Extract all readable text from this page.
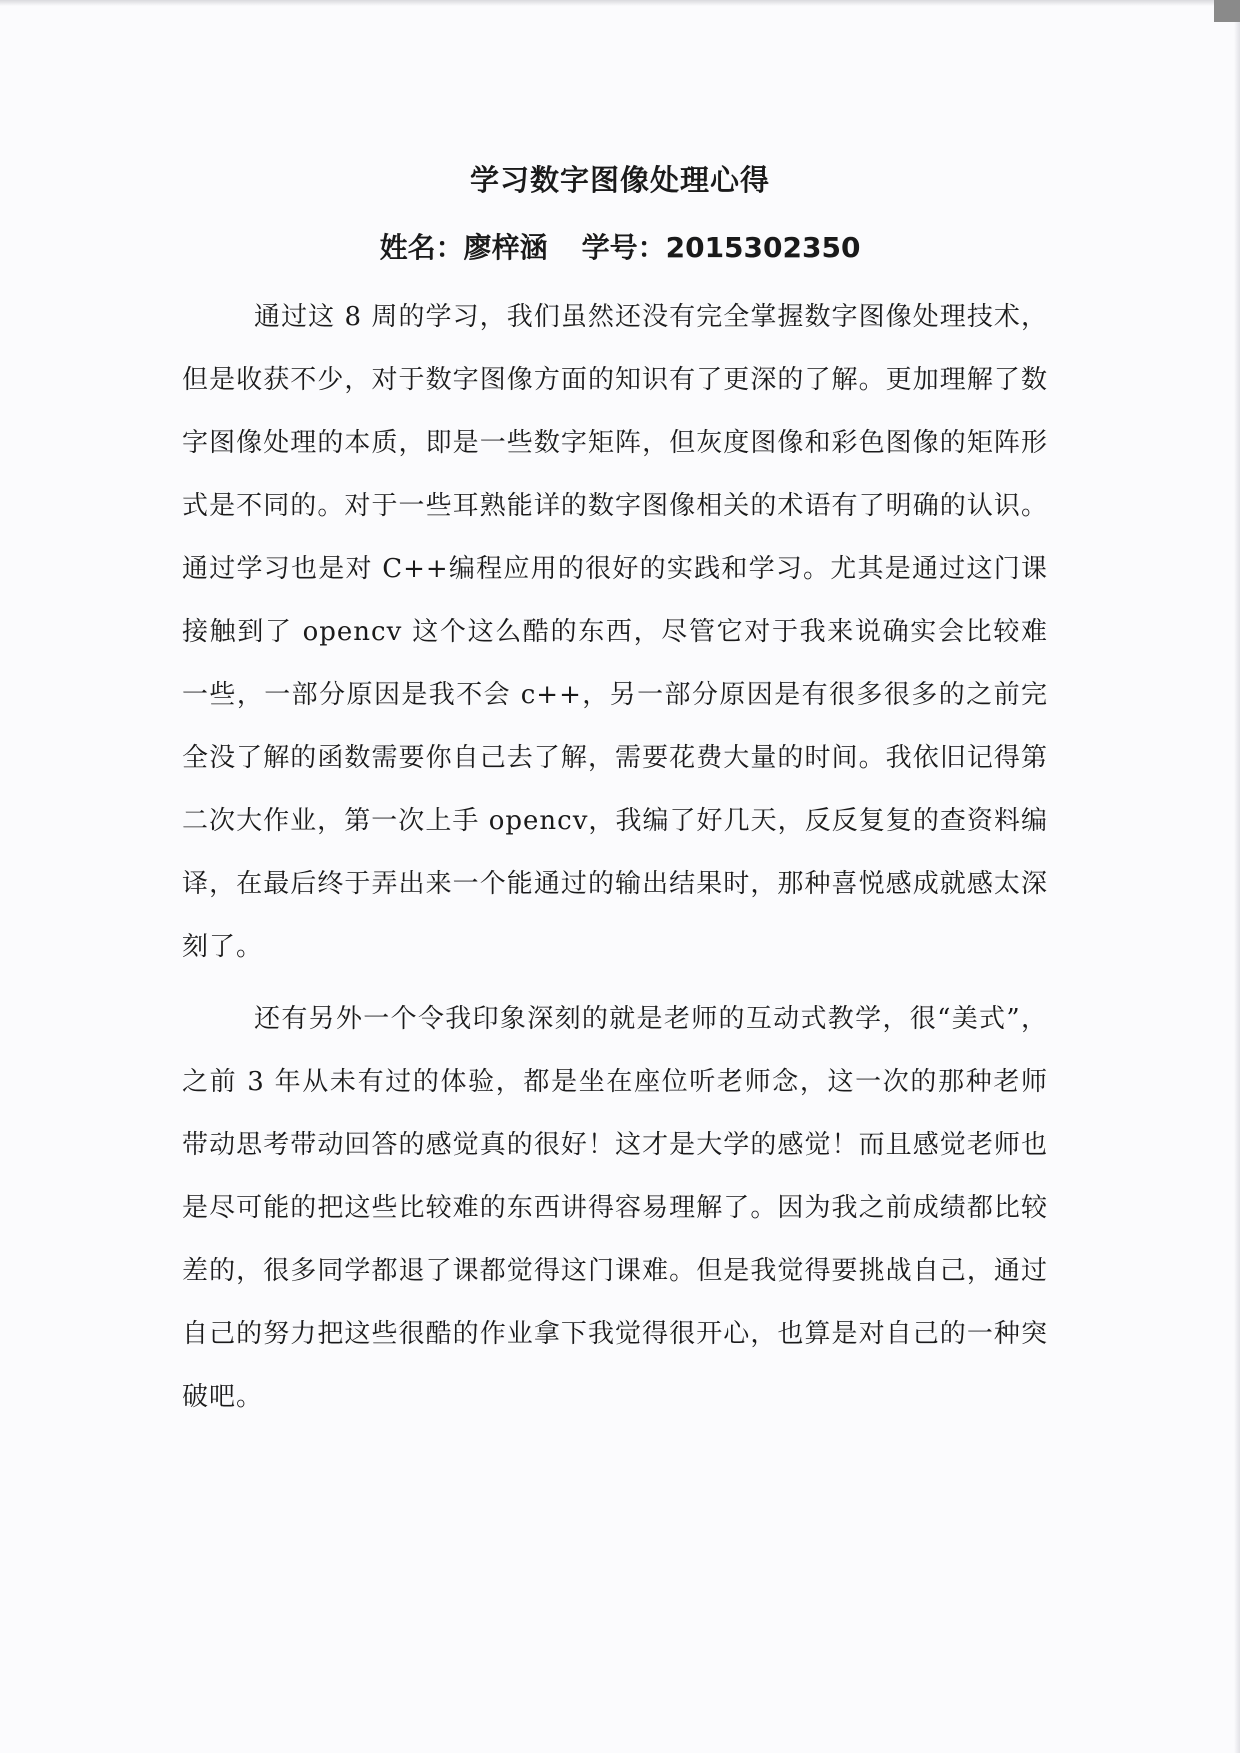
学习数字图像处理心得
姓名：廖梓涵 学号：2015302350

通过这 8 周的学习，我们虽然还没有完全掌握数字图像处理技术，但是收获不少，对于数字图像方面的知识有了更深的了解。更加理解了数字图像处理的本质，即是一些数字矩阵，但灰度图像和彩色图像的矩阵形式是不同的。对于一些耳熟能详的数字图像相关的术语有了明确的认识。通过学习也是对 C++编程应用的很好的实践和学习。尤其是通过这门课接触到了 opencv 这个这么酷的东西，尽管它对于我来说确实会比较难一些，一部分原因是我不会 c++，另一部分原因是有很多很多的之前完全没了解的函数需要你自己去了解，需要花费大量的时间。我依旧记得第二次大作业，第一次上手 opencv，我编了好几天，反反复复的查资料编译，在最后终于弄出来一个能通过的输出结果时，那种喜悦感成就感太深刻了。

还有另外一个令我印象深刻的就是老师的互动式教学，很“美式”，之前 3 年从未有过的体验，都是坐在座位听老师念，这一次的那种老师带动思考带动回答的感觉真的很好！这才是大学的感觉！而且感觉老师也是尽可能的把这些比较难的东西讲得容易理解了。因为我之前成绩都比较差的，很多同学都退了课都觉得这门课难。但是我觉得要挑战自己，通过自己的努力把这些很酷的作业拿下我觉得很开心，也算是对自己的一种突破吧。
